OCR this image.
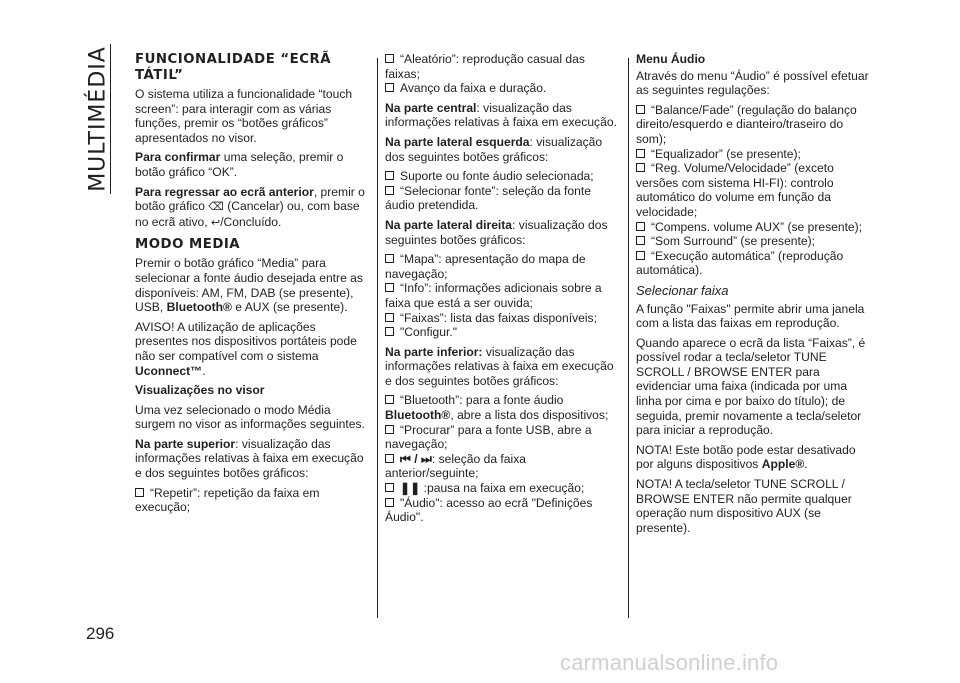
MULTIMÉDIA FUNCIONALIDADE “ECRÃ TÁTIL”

O sistema utiliza a funcionalidade “touch screen”: para interagir com as várias funções, premir os “botões gráficos” apresentados no visor.

Para confirmar uma seleção, premir o botão gráfico “OK”.

Para regressar ao ecrã anterior, premir o botão gráfico ⌫ (Cancelar) ou, com base no ecrã ativo, ↩/Concluído.

MODO MEDIA

Premir o botão gráfico “Media” para selecionar a fonte áudio desejada entre as disponíveis: AM, FM, DAB (se presente), USB, Bluetooth® e AUX (se presente).

AVISO! A utilização de aplicações presentes nos dispositivos portáteis pode não ser compatível com o sistema Uconnect™.

Visualizações no visor

Uma vez selecionado o modo Média surgem no visor as informações seguintes.

Na parte superior: visualização das informações relativas à faixa em execução e dos seguintes botões gráficos:

“Repetir”: repetição da faixa em execução;

“Aleatório”: reprodução casual das faixas;

Avanço da faixa e duração.

Na parte central: visualização das informações relativas à faixa em execução.

Na parte lateral esquerda: visualização dos seguintes botões gráficos:

Suporte ou fonte áudio selecionada;

“Selecionar fonte”: seleção da fonte áudio pretendida.

Na parte lateral direita: visualização dos seguintes botões gráficos:

“Mapa”: apresentação do mapa de navegação;

“Info”: informações adicionais sobre a faixa que está a ser ouvida;

“Faixas”: lista das faixas disponíveis;

"Configur."

Na parte inferior: visualização das informações relativas à faixa em execução e dos seguintes botões gráficos:

“Bluetooth”: para a fonte áudio Bluetooth®, abre a lista dos dispositivos;

“Procurar” para a fonte USB, abre a navegação;

⏮ / ⏭: seleção da faixa anterior/seguinte;

❚❚ :pausa na faixa em execução;

"Áudio": acesso ao ecrã "Definições Áudio".

Menu Áudio

Através do menu “Áudio” é possível efetuar as seguintes regulações:

“Balance/Fade” (regulação do balanço direito/esquerdo e dianteiro/traseiro do som);

“Equalizador” (se presente);

“Reg. Volume/Velocidade” (exceto versões com sistema HI-FI): controlo automático do volume em função da velocidade;

“Compens. volume AUX” (se presente);

“Som Surround” (se presente);

“Execução automática” (reprodução automática).

Selecionar faixa

A função "Faixas" permite abrir uma janela com a lista das faixas em reprodução.

Quando aparece o ecrã da lista “Faixas”, é possível rodar a tecla/seletor TUNE SCROLL / BROWSE ENTER para evidenciar uma faixa (indicada por uma linha por cima e por baixo do título); de seguida, premir novamente a tecla/seletor para iniciar a reprodução.

NOTA! Este botão pode estar desativado por alguns dispositivos Apple®.

NOTA! A tecla/seletor TUNE SCROLL / BROWSE ENTER não permite qualquer operação num dispositivo AUX (se presente).

296
carmanualsonline.info
